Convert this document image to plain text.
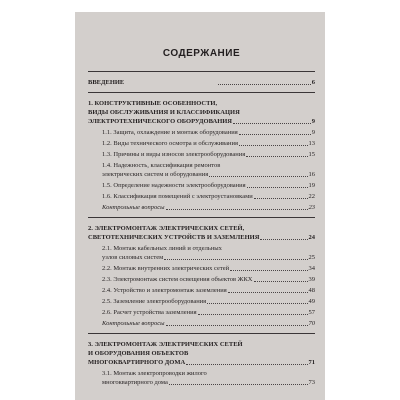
СОДЕРЖАНИЕ
ВВЕДЕНИЕ	6
1. КОНСТРУКТИВНЫЕ ОСОБЕННОСТИ,
ВИДЫ ОБСЛУЖИВАНИЯ И КЛАССИФИКАЦИЯ
ЭЛЕКТРОТЕХНИЧЕСКОГО ОБОРУДОВАНИЯ	9
1.1. Защита, охлаждение и монтаж оборудования	9
1.2. Виды технического осмотра и обслуживания	13
1.3. Причины и виды износов электрооборудования	15
1.4. Надежность, классификация ремонтов
электрических систем и оборудования	16
1.5. Определение надежности электрооборудования	19
1.6. Классификация помещений с электроустановками	22
Контрольные вопросы	23
2. ЭЛЕКТРОМОНТАЖ ЭЛЕКТРИЧЕСКИХ СЕТЕЙ,
СВЕТОТЕХНИЧЕСКИХ УСТРОЙСТВ И ЗАЗЕМЛЕНИЯ	24
2.1. Монтаж кабельных линий и отдельных
узлов силовых систем	25
2.2. Монтаж внутренних электрических сетей	34
2.3. Электромонтаж систем освещения объектов ЖКХ	39
2.4. Устройство и электромонтаж заземления	48
2.5. Заземление электрооборудования	49
2.6. Расчет устройства заземления	57
Контрольные вопросы	70
3. ЭЛЕКТРОМОНТАЖ ЭЛЕКТРИЧЕСКИХ СЕТЕЙ
И ОБОРУДОВАНИЯ ОБЪЕКТОВ
МНОГОКВАРТИРНОГО ДОМА	71
3.1. Монтаж электропроводки жилого
многоквартирного дома	73
